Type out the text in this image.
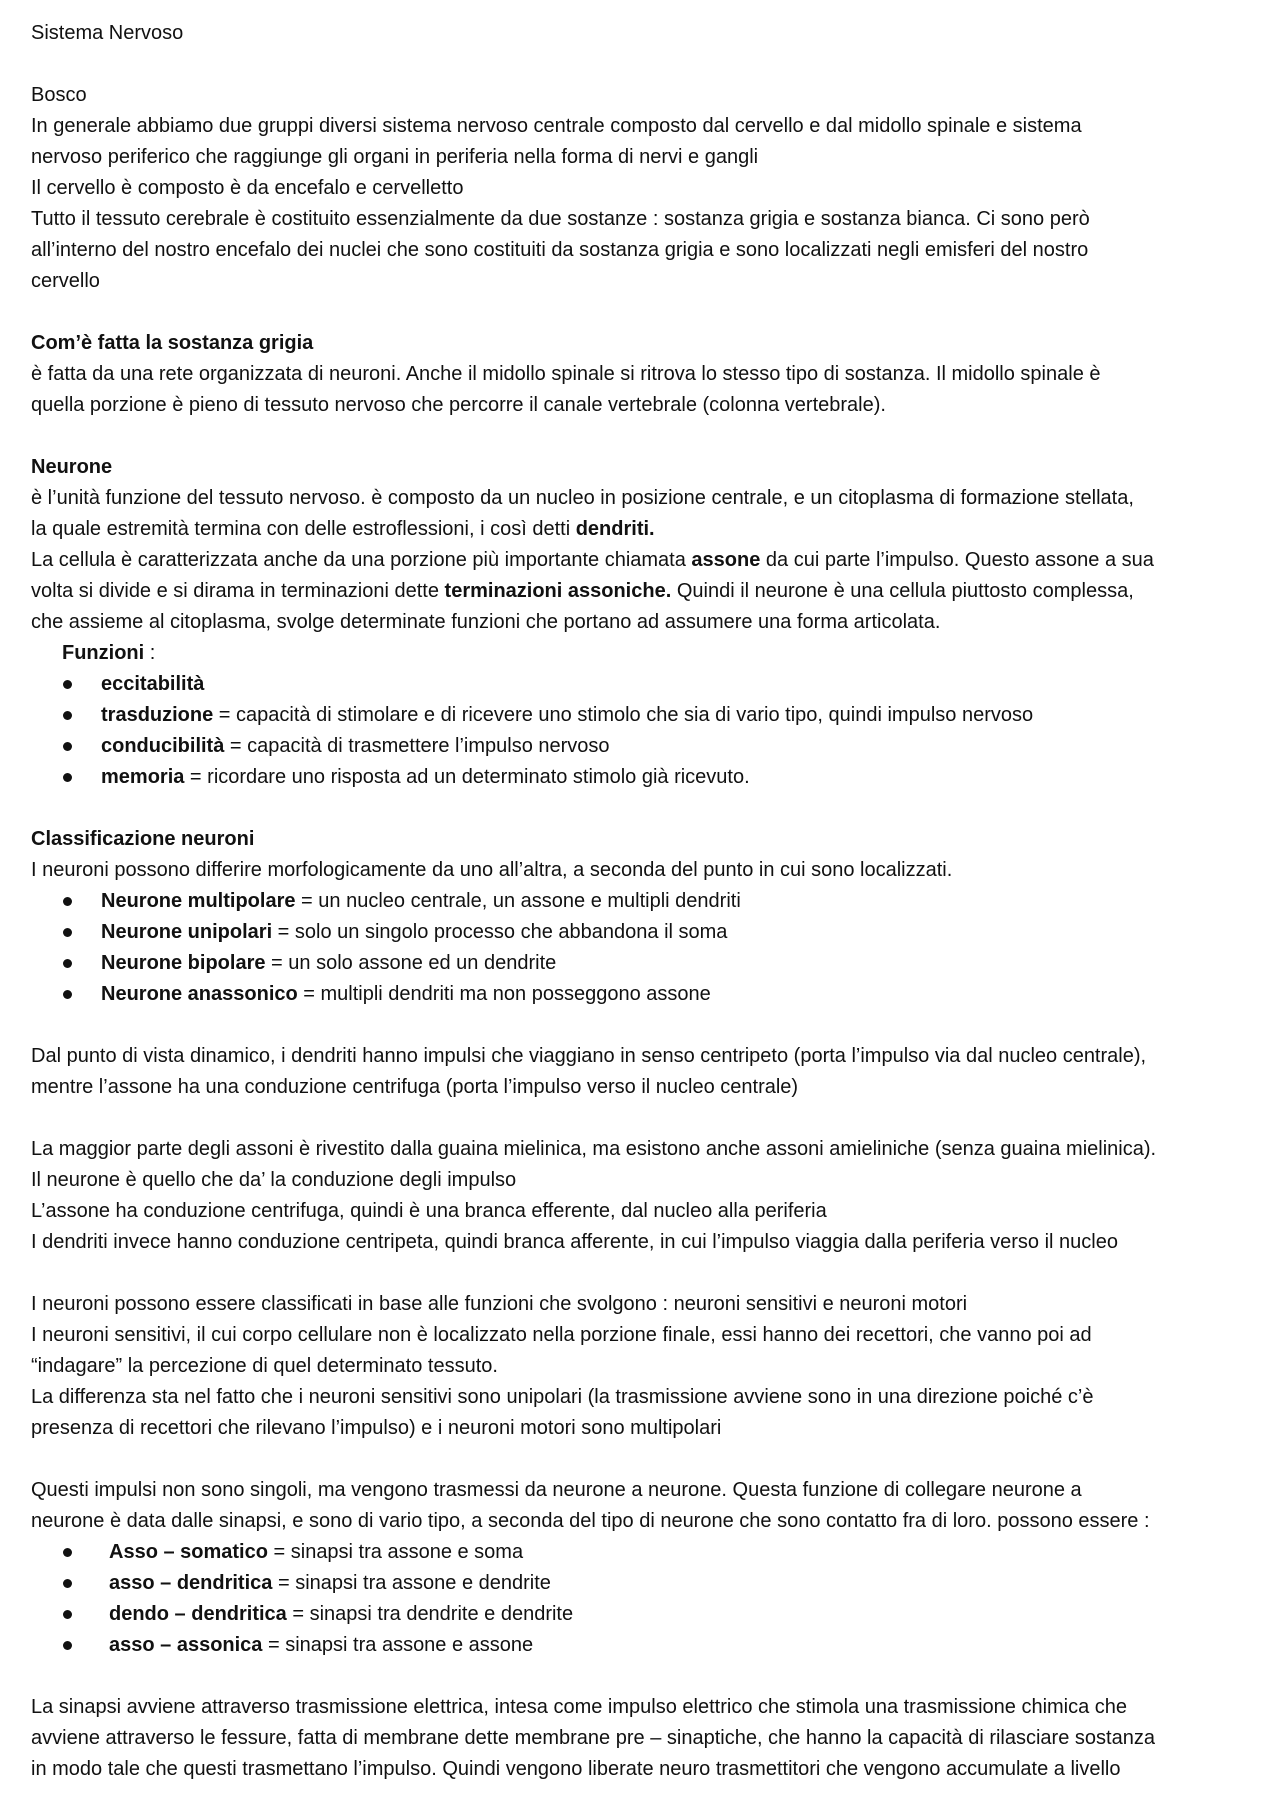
Sistema Nervoso
Bosco
In generale abbiamo due gruppi diversi sistema nervoso centrale composto dal cervello e dal midollo spinale e sistema
nervoso periferico che raggiunge gli organi in periferia nella forma di nervi e gangli
Il cervello è composto è da encefalo e cervelletto
Tutto il tessuto cerebrale è costituito essenzialmente da due sostanze : sostanza grigia e sostanza bianca. Ci sono però
all’interno del nostro encefalo dei nuclei che sono costituiti da sostanza grigia e sono localizzati negli emisferi del nostro
cervello
Com’è fatta la sostanza grigia
è fatta da una rete organizzata di neuroni. Anche il midollo spinale si ritrova lo stesso tipo di sostanza. Il midollo spinale è
quella porzione è pieno di tessuto nervoso che percorre il canale vertebrale (colonna vertebrale).
Neurone
è l’unità funzione del tessuto nervoso. è composto da un nucleo in posizione centrale, e un citoplasma di formazione stellata,
la quale estremità termina con delle estroflessioni, i così detti dendriti.
La cellula è caratterizzata anche da una porzione più importante chiamata assone da cui parte l’impulso. Questo assone a sua
volta si divide e si dirama in terminazioni dette terminazioni assoniche. Quindi il neurone è una cellula piuttosto complessa,
che assieme al citoplasma, svolge determinate funzioni che portano ad assumere una forma articolata.
Funzioni :
eccitabilità
trasduzione = capacità di stimolare e di ricevere uno stimolo che sia di vario tipo, quindi impulso nervoso
conducibilità = capacità di trasmettere l’impulso nervoso
memoria = ricordare uno risposta ad un determinato stimolo già ricevuto.
Classificazione neuroni
I neuroni possono differire morfologicamente da uno all’altra, a seconda del punto in cui sono localizzati.
Neurone multipolare = un nucleo centrale, un assone e multipli dendriti
Neurone unipolari = solo un singolo processo che abbandona il soma
Neurone bipolare = un solo assone ed un dendrite
Neurone anassonico = multipli dendriti ma non posseggono assone
Dal punto di vista dinamico, i dendriti hanno impulsi che viaggiano in senso centripeto (porta l’impulso via dal nucleo centrale),
mentre l’assone ha una conduzione centrifuga (porta l’impulso verso il nucleo centrale)
La maggior parte degli assoni è rivestito dalla guaina mielinica, ma esistono anche assoni amieliniche (senza guaina mielinica).
Il neurone è quello che da’ la conduzione degli impulso
L’assone ha conduzione centrifuga, quindi è una branca efferente, dal nucleo alla periferia
I dendriti invece hanno conduzione centripeta, quindi branca afferente, in cui l’impulso viaggia dalla periferia verso il nucleo
I neuroni possono essere classificati in base alle funzioni che svolgono : neuroni sensitivi e neuroni motori
I neuroni sensitivi, il cui corpo cellulare non è localizzato nella porzione finale, essi hanno dei recettori, che vanno poi ad
“indagare” la percezione di quel determinato tessuto.
La differenza sta nel fatto che i neuroni sensitivi sono unipolari (la trasmissione avviene sono in una direzione poiché c’è
presenza di recettori che rilevano l’impulso) e i neuroni motori sono multipolari
Questi impulsi non sono singoli, ma vengono trasmessi da neurone a neurone. Questa funzione di collegare neurone a
neurone è data dalle sinapsi, e sono di vario tipo, a seconda del tipo di neurone che sono contatto fra di loro. possono essere :
Asso – somatico = sinapsi tra assone e soma
asso – dendritica = sinapsi tra assone e dendrite
dendo – dendritica = sinapsi tra dendrite e dendrite
asso – assonica = sinapsi tra assone e assone
La sinapsi avviene attraverso trasmissione elettrica, intesa come impulso elettrico che stimola una trasmissione chimica che
avviene attraverso le fessure, fatta di membrane dette membrane pre – sinaptiche, che hanno la capacità di rilasciare sostanza
in modo tale che questi trasmettano l’impulso. Quindi vengono liberate neuro trasmettitori che vengono accumulate a livello
